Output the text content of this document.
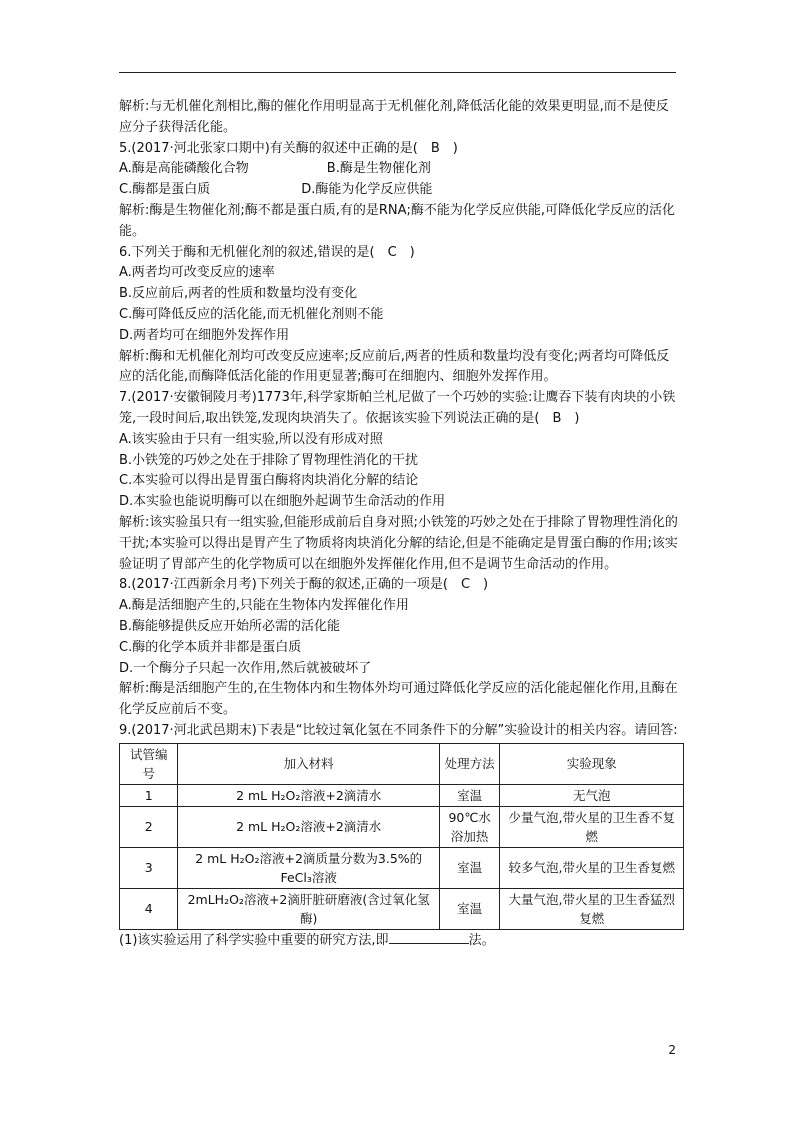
解析:与无机催化剂相比,酶的催化作用明显高于无机催化剂,降低活化能的效果更明显,而不是使反应分子获得活化能。

5.(2017·河北张家口期中)有关酶的叙述中正确的是(　B　)

A.酶是高能磷酸化合物　　　　　　B.酶是生物催化剂

C.酶都是蛋白质　　　　　　　D.酶能为化学反应供能

解析:酶是生物催化剂;酶不都是蛋白质,有的是RNA;酶不能为化学反应供能,可降低化学反应的活化能。

6.下列关于酶和无机催化剂的叙述,错误的是(　C　)

A.两者均可改变反应的速率

B.反应前后,两者的性质和数量均没有变化

C.酶可降低反应的活化能,而无机催化剂则不能

D.两者均可在细胞外发挥作用

解析:酶和无机催化剂均可改变反应速率;反应前后,两者的性质和数量均没有变化;两者均可降低反应的活化能,而酶降低活化能的作用更显著;酶可在细胞内、细胞外发挥作用。

7.(2017·安徽铜陵月考)1773年,科学家斯帕兰札尼做了一个巧妙的实验:让鹰吞下装有肉块的小铁笼,一段时间后,取出铁笼,发现肉块消失了。依据该实验下列说法正确的是(　B　)

A.该实验由于只有一组实验,所以没有形成对照

B.小铁笼的巧妙之处在于排除了胃物理性消化的干扰

C.本实验可以得出是胃蛋白酶将肉块消化分解的结论

D.本实验也能说明酶可以在细胞外起调节生命活动的作用

解析:该实验虽只有一组实验,但能形成前后自身对照;小铁笼的巧妙之处在于排除了胃物理性消化的干扰;本实验可以得出是胃产生了物质将肉块消化分解的结论,但是不能确定是胃蛋白酶的作用;该实验证明了胃部产生的化学物质可以在细胞外发挥催化作用,但不是调节生命活动的作用。

8.(2017·江西新余月考)下列关于酶的叙述,正确的一项是(　C　)

A.酶是活细胞产生的,只能在生物体内发挥催化作用

B.酶能够提供反应开始所必需的活化能

C.酶的化学本质并非都是蛋白质

D.一个酶分子只起一次作用,然后就被破坏了

解析:酶是活细胞产生的,在生物体内和生物体外均可通过降低化学反应的活化能起催化作用,且酶在化学反应前后不变。

9.(2017·河北武邑期末)下表是“比较过氧化氢在不同条件下的分解”实验设计的相关内容。请回答:

试管编号	加入材料	处理方法	实验现象
1	2 mL H₂O₂溶液+2滴清水	室温	无气泡
2	2 mL H₂O₂溶液+2滴清水	90℃水浴加热	少量气泡,带火星的卫生香不复燃
3	2 mL H₂O₂溶液+2滴质量分数为3.5%的FeCl₃溶液	室温	较多气泡,带火星的卫生香复燃
4	2mLH₂O₂溶液+2滴肝脏研磨液(含过氧化氢酶)	室温	大量气泡,带火星的卫生香猛烈复燃

(1)该实验运用了科学实验中重要的研究方法,即	法。

2
